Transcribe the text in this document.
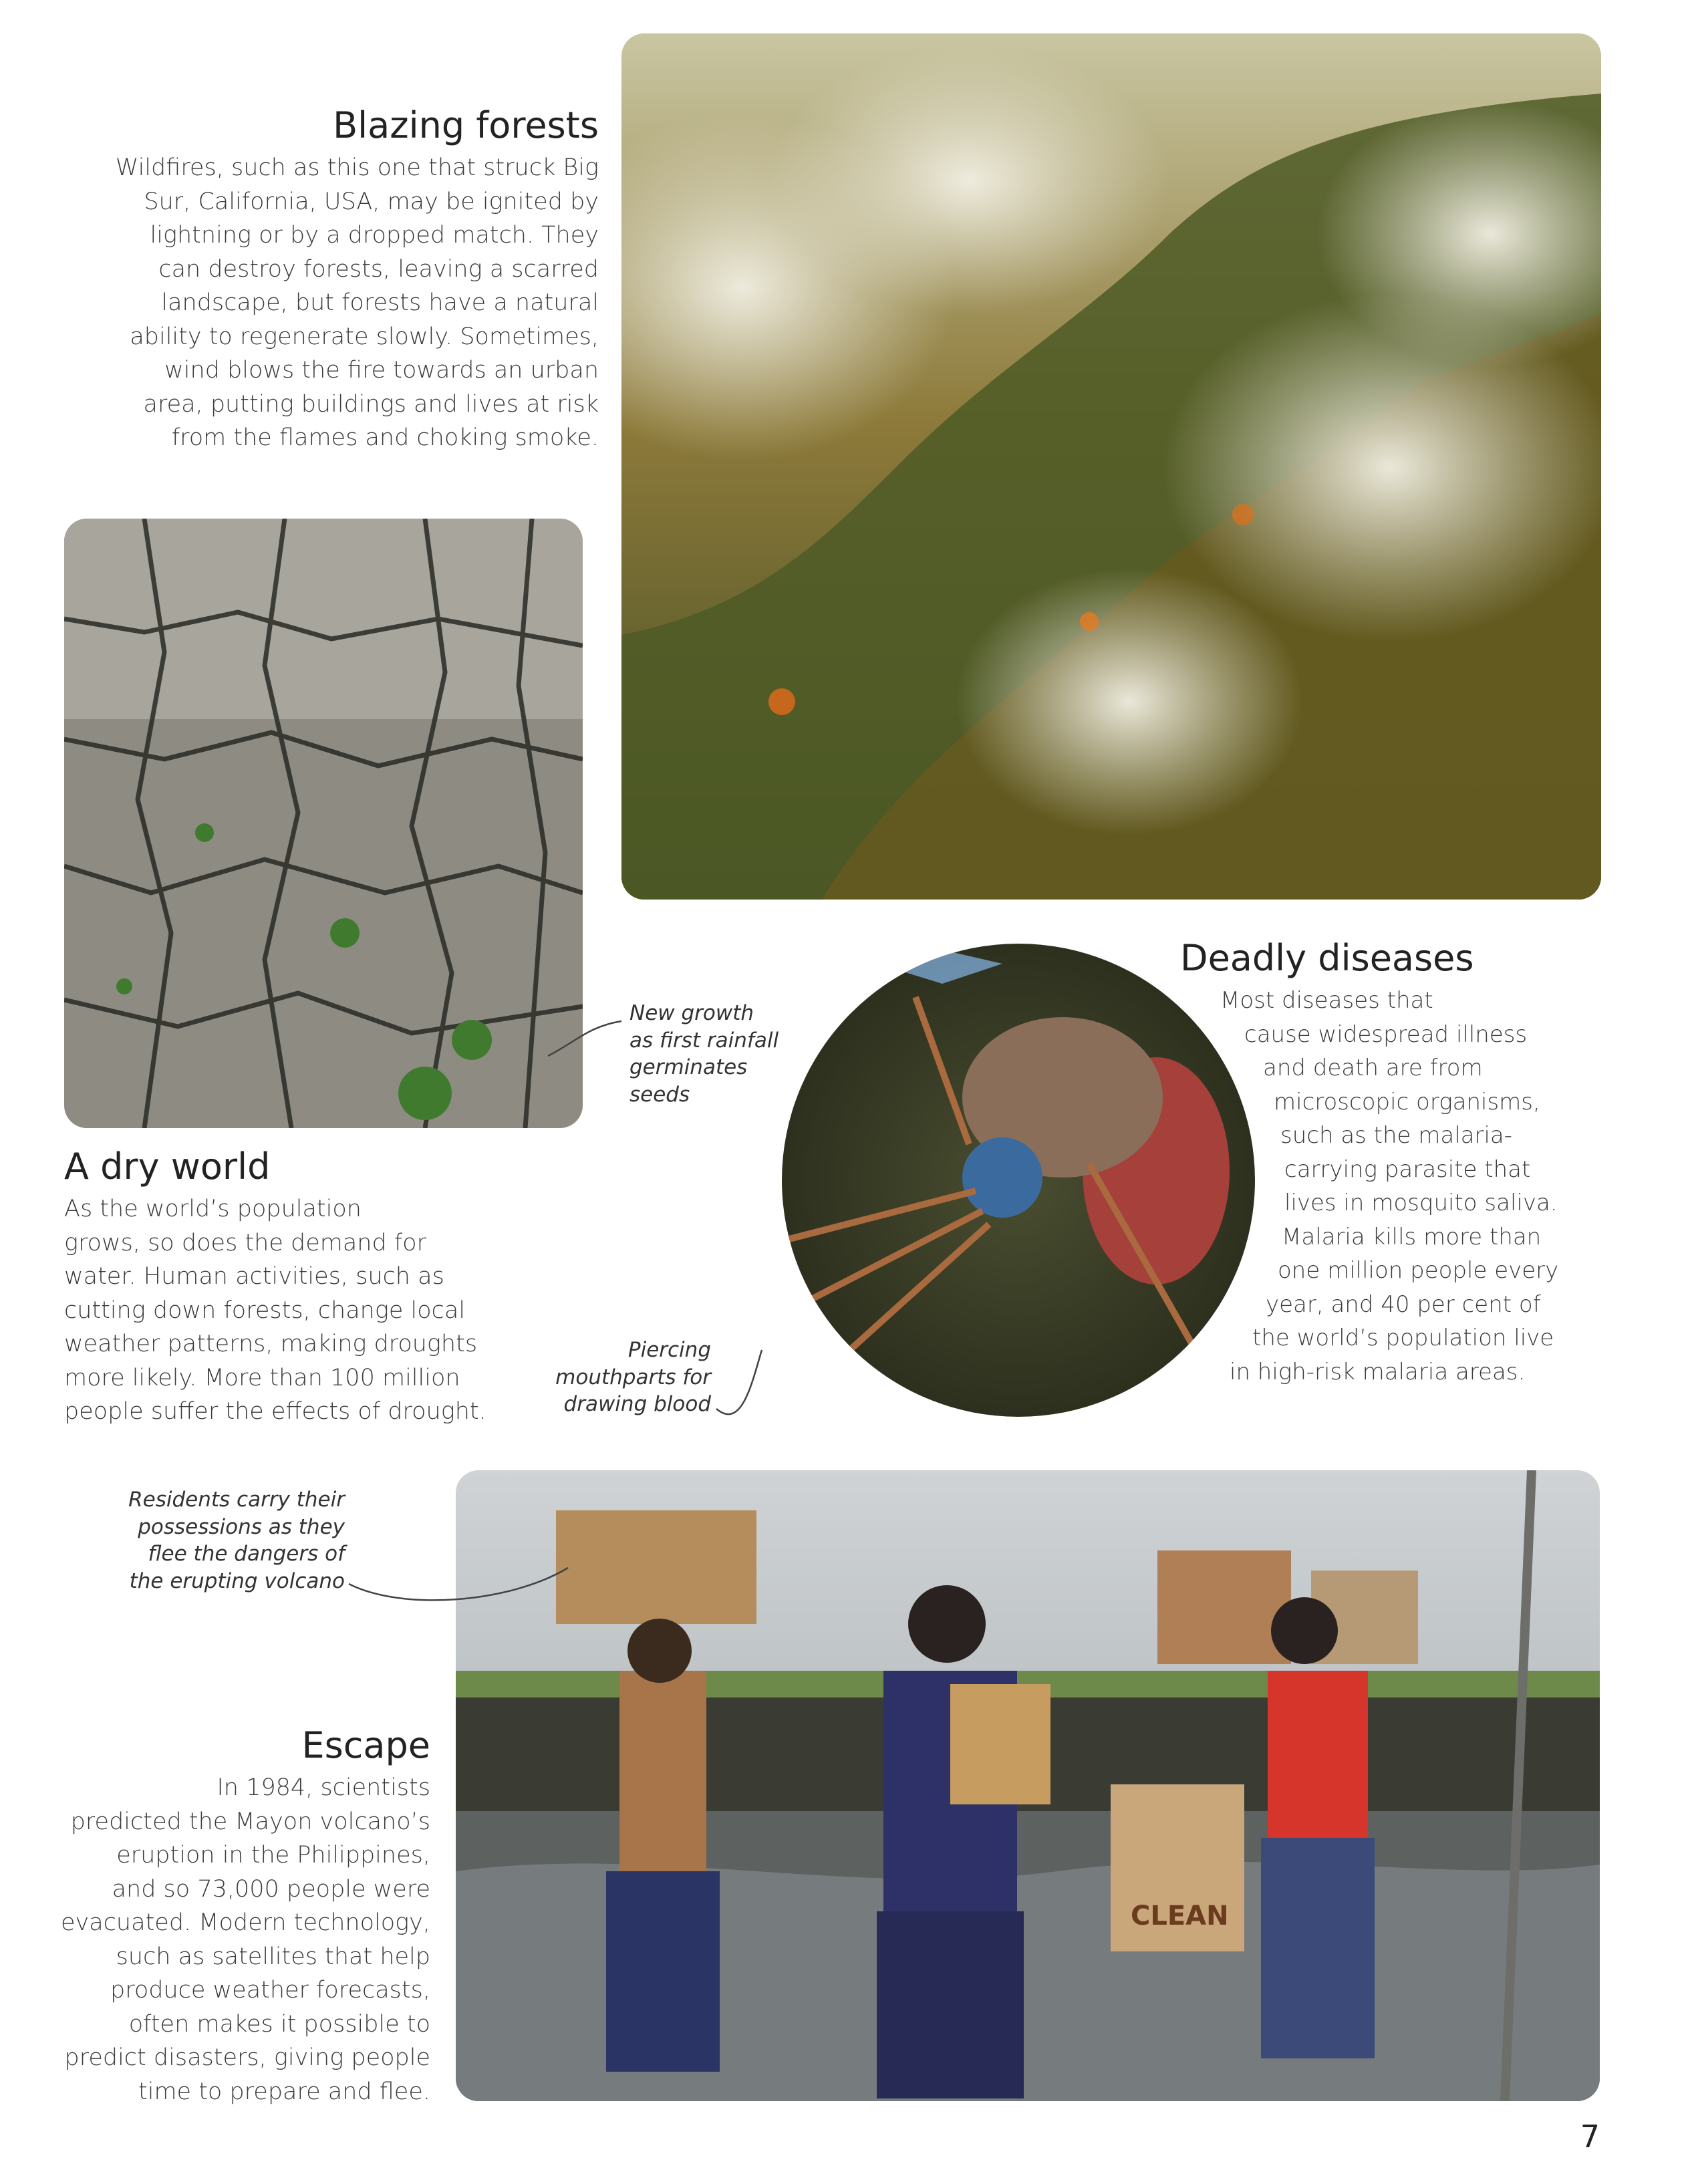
CLEAN
Blazing forests
Wildfires, such as this one that struck Big
Sur, California, USA, may be ignited by
lightning or by a dropped match. They
can destroy forests, leaving a scarred
landscape, but forests have a natural
ability to regenerate slowly. Sometimes,
wind blows the fire towards an urban
area, putting buildings and lives at risk
from the flames and choking smoke.
A dry world
As the world’s population
grows, so does the demand for
water. Human activities, such as
cutting down forests, change local
weather patterns, making droughts
more likely. More than 100 million
people suffer the effects of drought.
New growth
as first rainfall
germinates
seeds
Deadly diseases
Most diseases that
cause widespread illness
and death are from
microscopic organisms,
such as the malaria-
carrying parasite that
lives in mosquito saliva.
Malaria kills more than
one million people every
year, and 40 per cent of
the world’s population live
in high-risk malaria areas.
Piercing
mouthparts for
drawing blood
Residents carry their
possessions as they
flee the dangers of
the erupting volcano
Escape
In 1984, scientists
predicted the Mayon volcano’s
eruption in the Philippines,
and so 73,000 people were
evacuated. Modern technology,
such as satellites that help
produce weather forecasts,
often makes it possible to
predict disasters, giving people
time to prepare and flee.

7
